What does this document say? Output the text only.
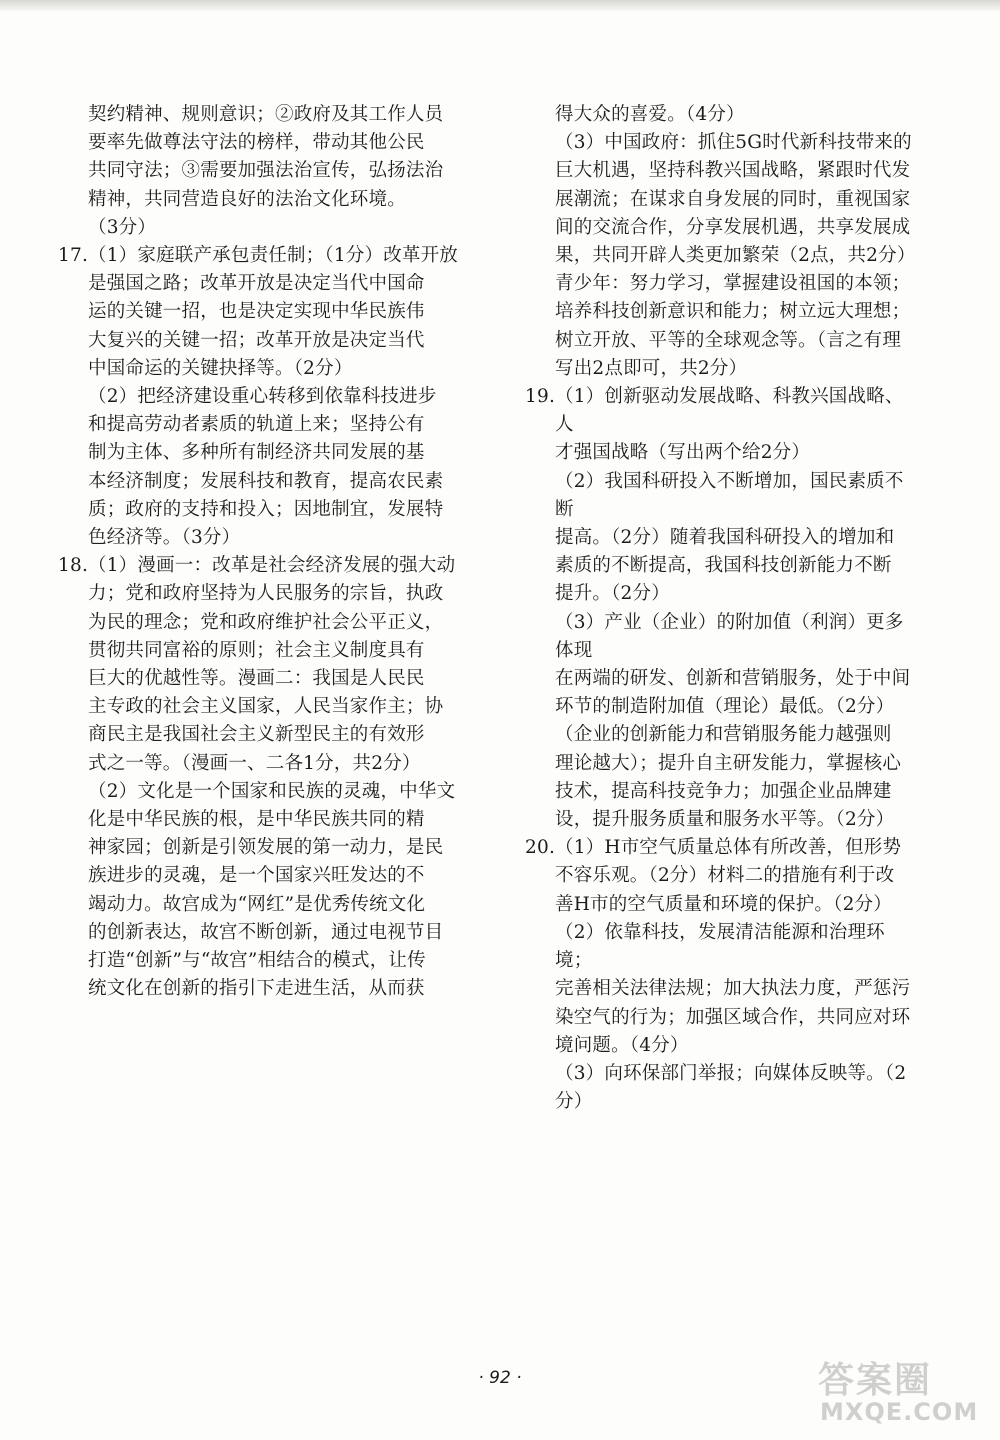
契约精神、规则意识；②政府及其工作人员

要率先做尊法守法的榜样，带动其他公民

共同守法；③需要加强法治宣传，弘扬法治

精神，共同营造良好的法治文化环境。

（3分）

17. （1）家庭联产承包责任制；（1分）改革开放

是强国之路；改革开放是决定当代中国命

运的关键一招，也是决定实现中华民族伟

大复兴的关键一招；改革开放是决定当代

中国命运的关键抉择等。（2分）

（2）把经济建设重心转移到依靠科技进步

和提高劳动者素质的轨道上来；坚持公有

制为主体、多种所有制经济共同发展的基

本经济制度；发展科技和教育，提高农民素

质；政府的支持和投入；因地制宜，发展特

色经济等。（3分）

18. （1）漫画一：改革是社会经济发展的强大动

力；党和政府坚持为人民服务的宗旨，执政

为民的理念；党和政府维护社会公平正义，

贯彻共同富裕的原则；社会主义制度具有

巨大的优越性等。漫画二：我国是人民民

主专政的社会主义国家，人民当家作主；协

商民主是我国社会主义新型民主的有效形

式之一等。（漫画一、二各1分，共2分）

（2）文化是一个国家和民族的灵魂，中华文

化是中华民族的根，是中华民族共同的精

神家园；创新是引领发展的第一动力，是民

族进步的灵魂，是一个国家兴旺发达的不

竭动力。故宫成为“网红”是优秀传统文化

的创新表达，故宫不断创新，通过电视节目

打造“创新”与“故宫”相结合的模式，让传

统文化在创新的指引下走进生活，从而获

得大众的喜爱。（4分）

（3）中国政府：抓住5G时代新科技带来的

巨大机遇，坚持科教兴国战略，紧跟时代发

展潮流；在谋求自身发展的同时，重视国家

间的交流合作，分享发展机遇，共享发展成

果，共同开辟人类更加繁荣（2点，共2分）

青少年：努力学习，掌握建设祖国的本领；

培养科技创新意识和能力；树立远大理想；

树立开放、平等的全球观念等。（言之有理

写出2点即可，共2分）

19. （1）创新驱动发展战略、科教兴国战略、人

才强国战略（写出两个给2分）

（2）我国科研投入不断增加，国民素质不断

提高。（2分）随着我国科研投入的增加和

素质的不断提高，我国科技创新能力不断

提升。（2分）

（3）产业（企业）的附加值（利润）更多体现

在两端的研发、创新和营销服务，处于中间

环节的制造附加值（理论）最低。（2分）

（企业的创新能力和营销服务能力越强则

理论越大）；提升自主研发能力，掌握核心

技术，提高科技竞争力；加强企业品牌建

设，提升服务质量和服务水平等。（2分）

20. （1）H市空气质量总体有所改善，但形势

不容乐观。（2分）材料二的措施有利于改

善H市的空气质量和环境的保护。（2分）

（2）依靠科技，发展清洁能源和治理环境；

完善相关法律法规；加大执法力度，严惩污

染空气的行为；加强区域合作，共同应对环

境问题。（4分）

（3）向环保部门举报；向媒体反映等。（2

分）

· 92 ·	答案圈
MXQE.COM
